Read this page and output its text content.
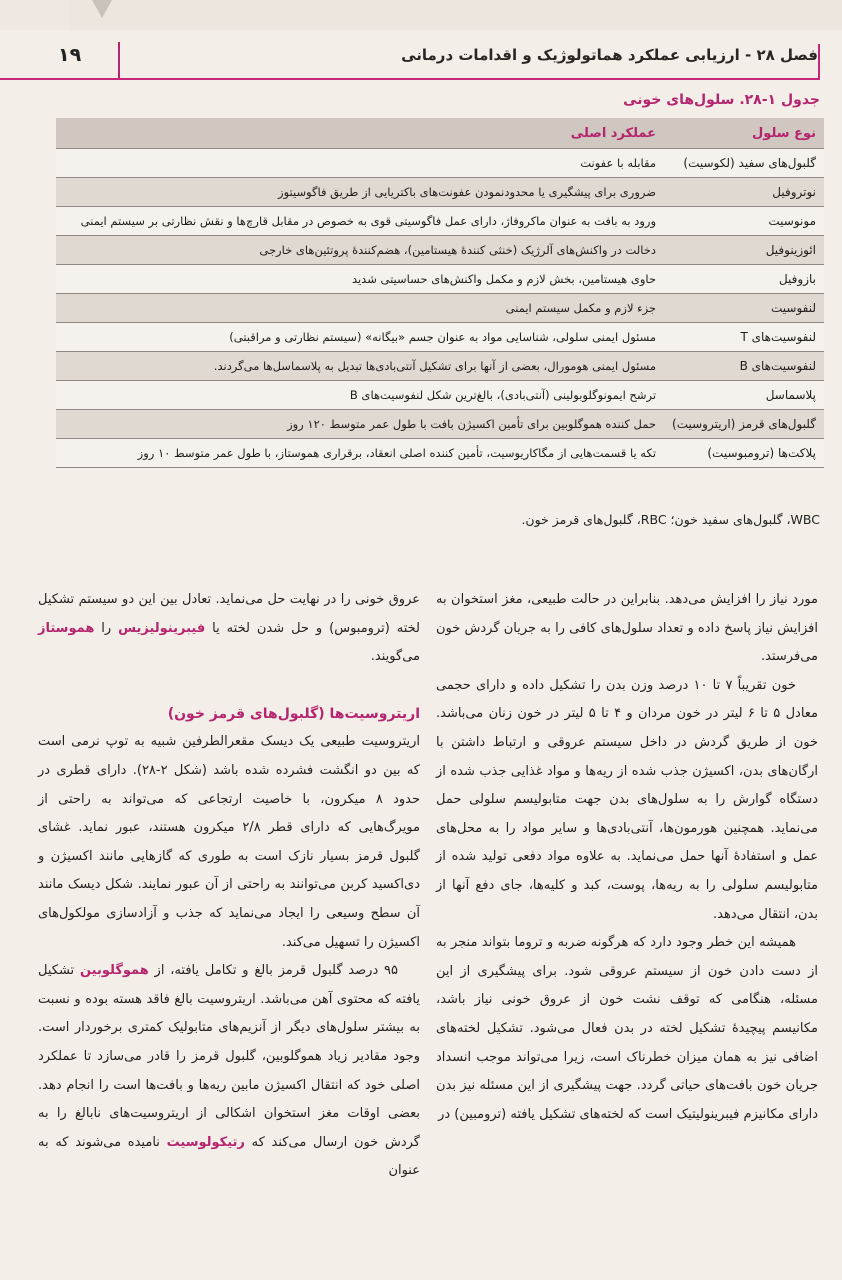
فصل ۲۸ - ارزیابی عملکرد هماتولوژیک و اقدامات درمانی
۱۹
جدول ۱-۲۸. سلول‌های خونی
نوع سلول	عملکرد اصلی
گلبول‌های سفید (لکوسیت)	مقابله با عفونت
نوتروفیل	ضروری برای پیشگیری یا محدودنمودن عفونت‌های باکتریایی از طریق فاگوسیتوز
مونوسیت	ورود به بافت به عنوان ماکروفاژ، دارای عمل فاگوسیتی قوی به خصوص در مقابل قارچ‌ها و نقش نظارتی بر سیستم ایمنی
ائوزینوفیل	دخالت در واکنش‌های آلرژیک (خنثی کنندهٔ هیستامین)، هضم‌کنندهٔ پروتئین‌های خارجی
بازوفیل	حاوی هیستامین، بخش لازم و مکمل واکنش‌های حساسیتی شدید
لنفوسیت	جزء لازم و مکمل سیستم ایمنی
لنفوسیت‌های T	مسئول ایمنی سلولی، شناسایی مواد به عنوان جسم «بیگانه» (سیستم نظارتی و مراقبتی)
لنفوسیت‌های B	مسئول ایمنی هومورال، بعضی از آنها برای تشکیل آنتی‌بادی‌ها تبدیل به پلاسماسل‌ها می‌گردند.
پلاسماسل	ترشح ایمونوگلوبولینی (آنتی‌بادی)، بالغ‌ترین شکل لنفوسیت‌های B
گلبول‌های قرمز (اریتروسیت)	حمل کننده هموگلوبین برای تأمین اکسیژن بافت با طول عمر متوسط ۱۲۰ روز
پلاکت‌ها (ترومبوسیت)	تکه یا قسمت‌هایی از مگاکاریوسیت، تأمین کننده اصلی انعقاد، برقراری هموستاز، با طول عمر متوسط ۱۰ روز
WBC، گلبول‌های سفید خون؛ RBC، گلبول‌های قرمز خون.

مورد نیاز را افزایش می‌دهد. بنابراین در حالت طبیعی، مغز استخوان به افزایش نیاز پاسخ داده و تعداد سلول‌های کافی را به جریان گردش خون می‌فرستد.

خون تقریباً ۷ تا ۱۰ درصد وزن بدن را تشکیل داده و دارای حجمی معادل ۵ تا ۶ لیتر در خون مردان و ۴ تا ۵ لیتر در خون زنان می‌باشد. خون از طریق گردش در داخل سیستم عروقی و ارتباط داشتن با ارگان‌های بدن، اکسیژن جذب شده از ریه‌ها و مواد غذایی جذب شده از دستگاه گوارش را به سلول‌های بدن جهت متابولیسم سلولی حمل می‌نماید. همچنین هورمون‌ها، آنتی‌بادی‌ها و سایر مواد را به محل‌های عمل و استفادهٔ آنها حمل می‌نماید. به علاوه مواد دفعی تولید شده از متابولیسم سلولی را به ریه‌ها، پوست، کبد و کلیه‌ها، جای دفع آنها از بدن، انتقال می‌دهد.

همیشه این خطر وجود دارد که هرگونه ضربه و تروما بتواند منجر به از دست دادن خون از سیستم عروقی شود. برای پیشگیری از این مسئله، هنگامی که توقف نشت خون از عروق خونی نیاز باشد، مکانیسم پیچیدهٔ تشکیل لخته در بدن فعال می‌شود. تشکیل لخته‌های اضافی نیز به همان میزان خطرناک است، زیرا می‌تواند موجب انسداد جریان خون بافت‌های حیاتی گردد. جهت پیشگیری از این مسئله نیز بدن دارای مکانیزم فیبرینولیتیک است که لخته‌های تشکیل یافته (ترومبین) در

عروق خونی را در نهایت حل می‌نماید. تعادل بین این دو سیستم تشکیل لخته (ترومبوس) و حل شدن لخته یا فیبرینولیزیس را هموستاز می‌گویند.

اریتروسیت‌ها (گلبول‌های قرمز خون)

اریتروسیت طبیعی یک دیسک مقعرالطرفین شبیه به توپ نرمی است که بین دو انگشت فشرده شده باشد (شکل ۲-۲۸). دارای قطری در حدود ۸ میکرون، با خاصیت ارتجاعی که می‌تواند به راحتی از مویرگ‌هایی که دارای قطر ۲/۸ میکرون هستند، عبور نماید. غشای گلبول قرمز بسیار نازک است به طوری که گازهایی مانند اکسیژن و دی‌اکسید کربن می‌توانند به راحتی از آن عبور نمایند. شکل دیسک مانند آن سطح وسیعی را ایجاد می‌نماید که جذب و آزادسازی مولکول‌های اکسیژن را تسهیل می‌کند.

۹۵ درصد گلبول قرمز بالغ و تکامل یافته، از هموگلوبین تشکیل یافته که محتوی آهن می‌باشد. اریتروسیت بالغ فاقد هسته بوده و نسبت به بیشتر سلول‌های دیگر از آنزیم‌های متابولیک کمتری برخوردار است. وجود مقادیر زیاد هموگلوبین، گلبول قرمز را قادر می‌سازد تا عملکرد اصلی خود که انتقال اکسیژن مابین ریه‌ها و بافت‌ها است را انجام دهد. بعضی اوقات مغز استخوان اشکالی از اریتروسیت‌های نابالغ را به گردش خون ارسال می‌کند که رتیکولوسیت نامیده می‌شوند که به عنوان
